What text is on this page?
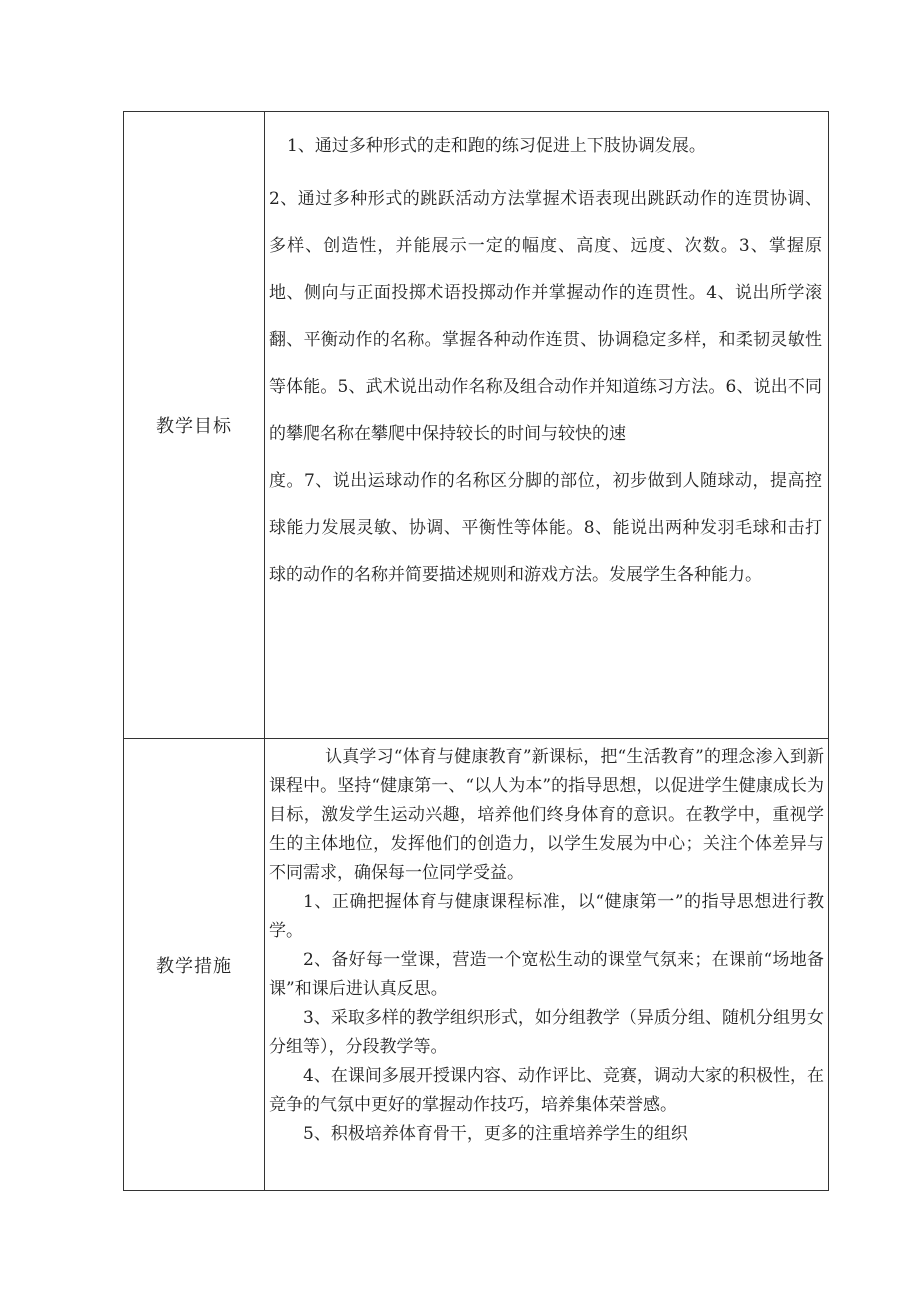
教学目标

1、通过多种形式的走和跑的练习促进上下肢协调发展。

2、通过多种形式的跳跃活动方法掌握术语表现出跳跃动作的连贯协调、多样、创造性，并能展示一定的幅度、高度、远度、次数。3、掌握原地、侧向与正面投掷术语投掷动作并掌握动作的连贯性。4、说出所学滚翻、平衡动作的名称。掌握各种动作连贯、协调稳定多样，和柔韧灵敏性等体能。5、武术说出动作名称及组合动作并知道练习方法。6、说出不同的攀爬名称在攀爬中保持较长的时间与较快的速

度。7、说出运球动作的名称区分脚的部位，初步做到人随球动，提高控球能力发展灵敏、协调、平衡性等体能。8、能说出两种发羽毛球和击打球的动作的名称并简要描述规则和游戏方法。发展学生各种能力。

教学措施

认真学习“体育与健康教育”新课标，把“生活教育”的理念渗入到新课程中。坚持“健康第一、“以人为本”的指导思想，以促进学生健康成长为目标，激发学生运动兴趣，培养他们终身体育的意识。在教学中，重视学生的主体地位，发挥他们的创造力，以学生发展为中心；关注个体差异与不同需求，确保每一位同学受益。

1、正确把握体育与健康课程标准，以“健康第一”的指导思想进行教学。

2、备好每一堂课，营造一个宽松生动的课堂气氛来；在课前“场地备课”和课后进认真反思。

3、采取多样的教学组织形式，如分组教学（异质分组、随机分组男女分组等），分段教学等。

4、在课间多展开授课内容、动作评比、竞赛，调动大家的积极性，在竞争的气氛中更好的掌握动作技巧，培养集体荣誉感。

5、积极培养体育骨干，更多的注重培养学生的组织
